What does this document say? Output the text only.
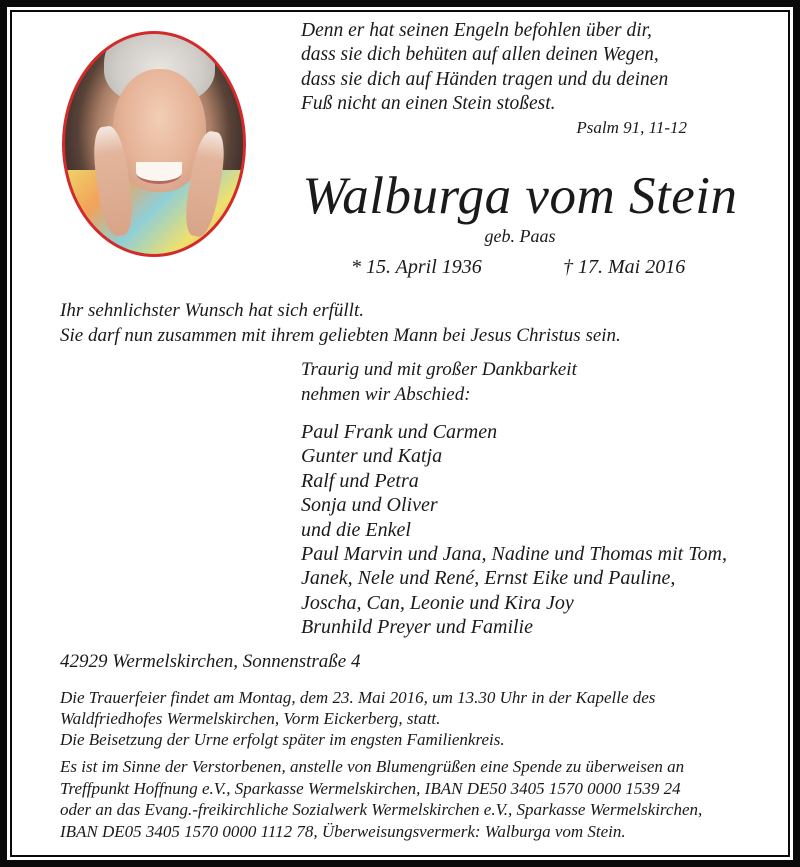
Denn er hat seinen Engeln befohlen über dir,
dass sie dich behüten auf allen deinen Wegen,
dass sie dich auf Händen tragen und du deinen
Fuß nicht an einen Stein stoßest.
Psalm 91, 11-12
Walburga vom Stein
geb. Paas
* 15. April 1936	† 17. Mai 2016
Ihr sehnlichster Wunsch hat sich erfüllt.
Sie darf nun zusammen mit ihrem geliebten Mann bei Jesus Christus sein.
Traurig und mit großer Dankbarkeit
nehmen wir Abschied:
Paul Frank und Carmen
Gunter und Katja
Ralf und Petra
Sonja und Oliver
und die Enkel
Paul Marvin und Jana, Nadine und Thomas mit Tom,
Janek, Nele und René, Ernst Eike und Pauline,
Joscha, Can, Leonie und Kira Joy
Brunhild Preyer und Familie
42929 Wermelskirchen, Sonnenstraße 4
Die Trauerfeier findet am Montag, dem 23. Mai 2016, um 13.30 Uhr in der Kapelle des
Waldfriedhofes Wermelskirchen, Vorm Eickerberg, statt.
Die Beisetzung der Urne erfolgt später im engsten Familienkreis.
Es ist im Sinne der Verstorbenen, anstelle von Blumengrüßen eine Spende zu überweisen an
Treffpunkt Hoffnung e.V., Sparkasse Wermelskirchen, IBAN DE50 3405 1570 0000 1539 24
oder an das Evang.-freikirchliche Sozialwerk Wermelskirchen e.V., Sparkasse Wermelskirchen,
IBAN DE05 3405 1570 0000 1112 78, Überweisungsvermerk: Walburga vom Stein.
